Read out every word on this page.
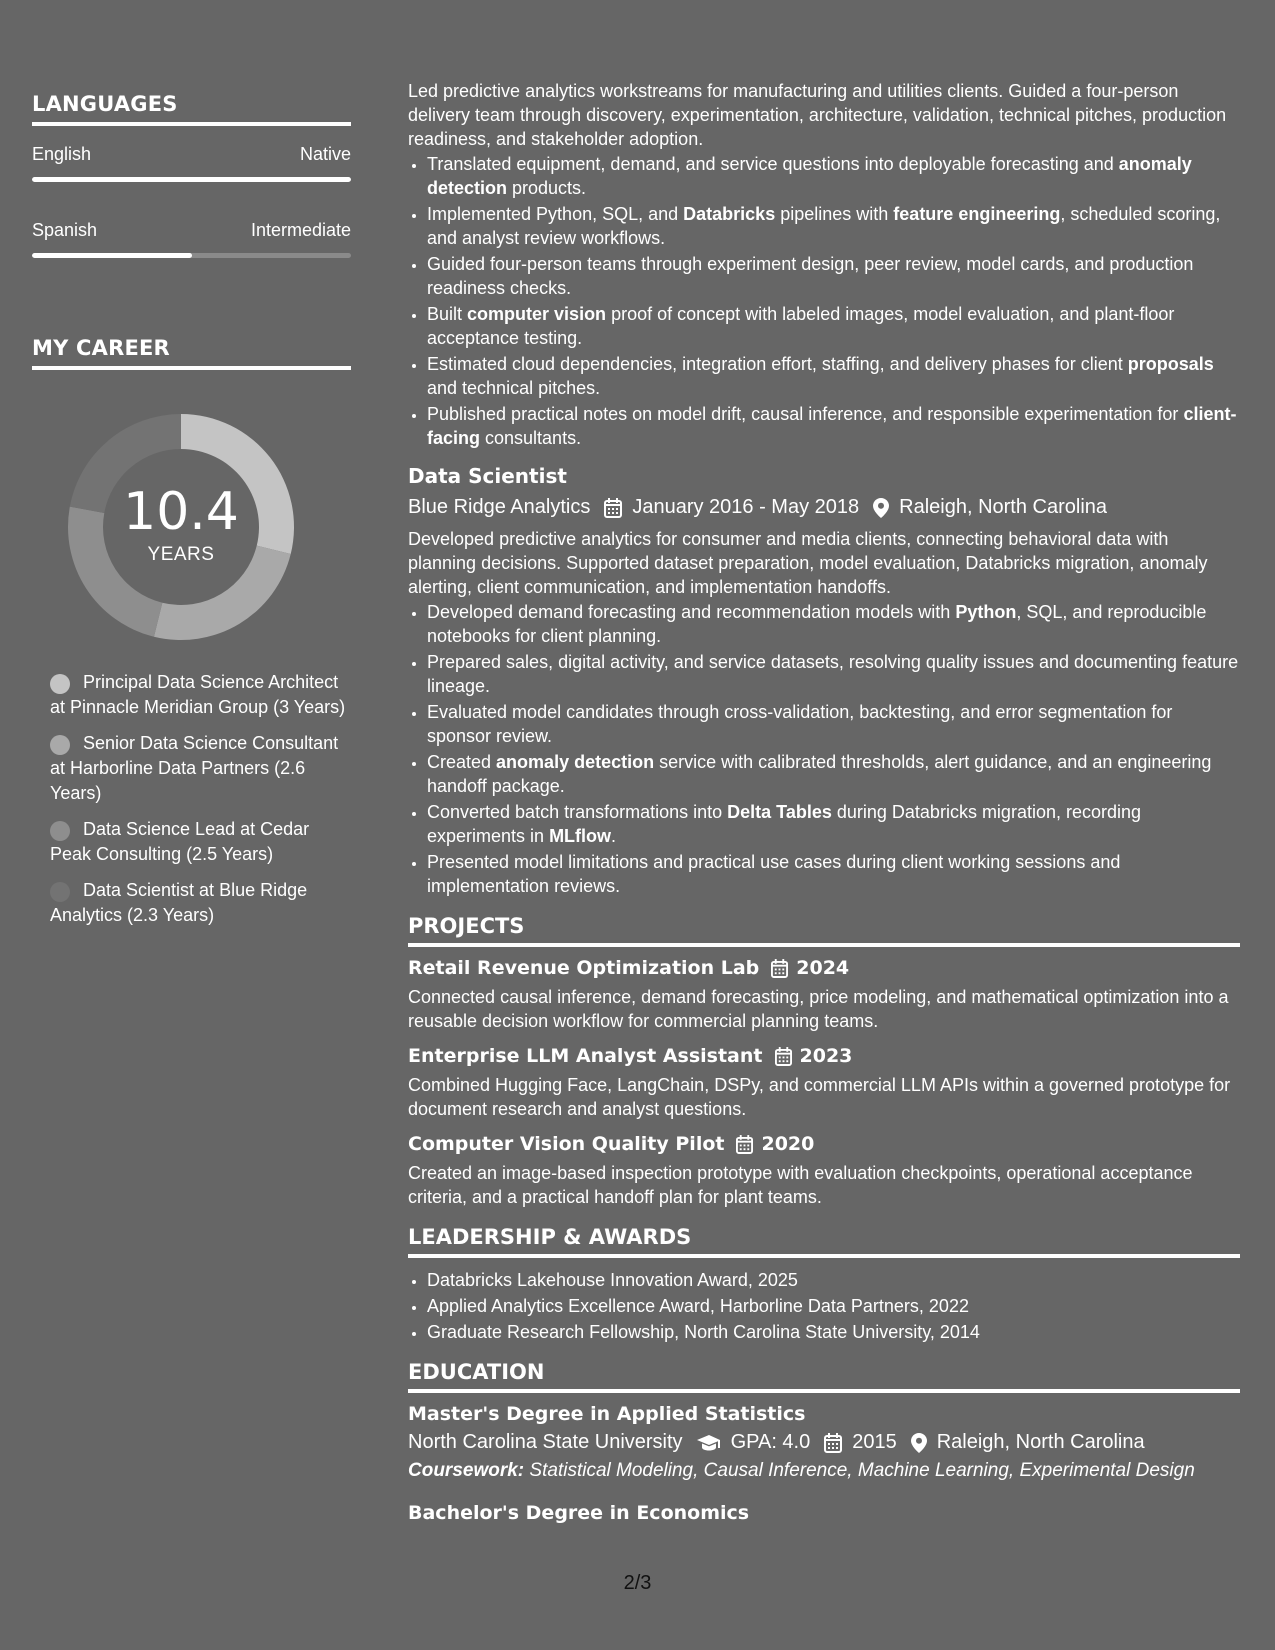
LANGUAGES
English	Native
Spanish	Intermediate
MY CAREER
10.4
YEARS
Principal Data Science Architect at Pinnacle Meridian Group (3 Years)
Senior Data Science Consultant at Harborline Data Partners (2.6 Years)
Data Science Lead at Cedar Peak Consulting (2.5 Years)
Data Scientist at Blue Ridge Analytics (2.3 Years)

Led predictive analytics workstreams for manufacturing and utilities clients. Guided a four-person delivery team through discovery, experimentation, architecture, validation, technical pitches, production readiness, and stakeholder adoption.

• Translated equipment, demand, and service questions into deployable forecasting and anomaly detection products.
• Implemented Python, SQL, and Databricks pipelines with feature engineering, scheduled scoring, and analyst review workflows.
• Guided four-person teams through experiment design, peer review, model cards, and production readiness checks.
• Built computer vision proof of concept with labeled images, model evaluation, and plant-floor acceptance testing.
• Estimated cloud dependencies, integration effort, staffing, and delivery phases for client proposals and technical pitches.
• Published practical notes on model drift, causal inference, and responsible experimentation for client-facing consultants.
Data Scientist
Blue Ridge Analytics January 2016 - May 2018 Raleigh, North Carolina

Developed predictive analytics for consumer and media clients, connecting behavioral data with planning decisions. Supported dataset preparation, model evaluation, Databricks migration, anomaly alerting, client communication, and implementation handoffs.

• Developed demand forecasting and recommendation models with Python, SQL, and reproducible notebooks for client planning.
• Prepared sales, digital activity, and service datasets, resolving quality issues and documenting feature lineage.
• Evaluated model candidates through cross-validation, backtesting, and error segmentation for sponsor review.
• Created anomaly detection service with calibrated thresholds, alert guidance, and an engineering handoff package.
• Converted batch transformations into Delta Tables during Databricks migration, recording experiments in MLflow.
• Presented model limitations and practical use cases during client working sessions and implementation reviews.
PROJECTS
Retail Revenue Optimization Lab 2024

Connected causal inference, demand forecasting, price modeling, and mathematical optimization into a reusable decision workflow for commercial planning teams.

Enterprise LLM Analyst Assistant 2023

Combined Hugging Face, LangChain, DSPy, and commercial LLM APIs within a governed prototype for document research and analyst questions.

Computer Vision Quality Pilot 2020

Created an image-based inspection prototype with evaluation checkpoints, operational acceptance criteria, and a practical handoff plan for plant teams.

LEADERSHIP & AWARDS
• Databricks Lakehouse Innovation Award, 2025
• Applied Analytics Excellence Award, Harborline Data Partners, 2022
• Graduate Research Fellowship, North Carolina State University, 2014
EDUCATION
Master's Degree in Applied Statistics
North Carolina State University GPA: 4.0 2015 Raleigh, North Carolina
Coursework: Statistical Modeling, Causal Inference, Machine Learning, Experimental Design
Bachelor's Degree in Economics
2/3
